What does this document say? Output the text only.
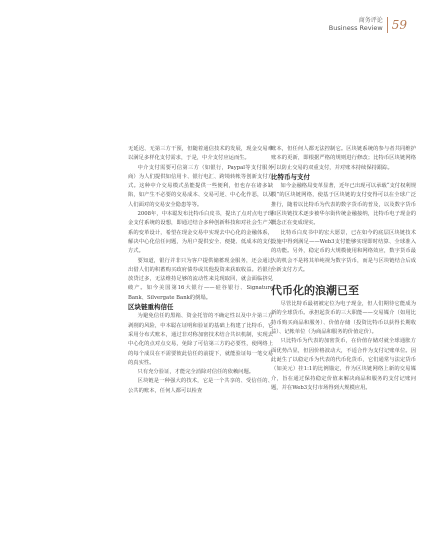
商务评论
Business Review 59

无延迟、无第三方干预，但随着通信技术的发展，现金交易难以满足多样化支付需求，于是，中介支付应运而生。

中介支付需要可信第三方（如银行，Paypal等支付服务商）为人们提供如信用卡、银行电汇、跨境转帐等创新支付方式。这种中介交易模式虽能提供一些便利，但也存在诸多缺陷，如产生不必要的交易成本、交易可逆、中心化作恶，以及人们面对的交易安全隐患等等。

2008年，中本聪发布比特币白皮书，提出了点对点电子现金支付系统的设想，即通过结合多种创新科技和对社会生产关系的变革设计，希望在现金交易中实现去中心化的金融体系，解决中心化信任问题，为用户提供安全、便捷、低成本的支付方式。

要知道，银行并非只为客户提供储蓄现金服务，还会通过出借人们的积蓄购买政府债券或其他投资来获取收益。若银行放贷过多，无法维持足够的流动性来兑现取回，就会面临挤兑破产。如今美国第16大银行——硅谷银行、Signature Bank、Silvergate Bank的倒塌。

区块链重构信任

为避免信任的黑箱、资金托管的不确定性以及中介第三方剥削的风险，中本聪在证明和验证的基础上构建了比特币，它采用分布式账本，通过非对称加密技术结合共识机制，实现去中心化的点对点交易，免除了可信第三方的必要性，使网络上的每个成员在不需要彼此信任的前提下，就能验证每一笔交易的真实性。

只有充分验证，才能完全消除对信任的依赖问题。

区块链是一种强大的技术，它是一个共享的、受信任的、公共的账本，任何人都可以检查

账本，但任何人都无法控制它。区块链系统的参与者共同维护账本的更新，即根据严格的规则进行修改；比特币区块链网络可以防止交易的双重支付，并对账本持续保持跟踪。

比特币与支付

如今金融格局变革显著，近年已出现可以承载“支付权利规模”的区块链网络，使基于区块链的支付变得可以在全球广泛推行，随着以比特币为代表的数字货币的普及，以及数字货币和区块链技术逐步被华尔街传统金融接纳，比特币电子现金的概念正在变成现实。

比特币白皮书中的宏大愿景，已在如今的底层区块链技术设施中得到满足——Web3支付能够实现即时结算、全球准入的功能。另外，稳定币的大规模使用和网络效应，数字货币最大的机会不是将其单纯视为数字货币，而是与区块链结合后成全新支付方式。

代币化的浪潮已至

尽管比特币最初被定位为电子现金，但人们期待它能成为新的全球货币。承担起货币的三大职能——交易媒介（如用比特币购买商品和服务）、价值存储（投资比特币以获得长期收益）、记帐单位（为商品和服务的价值定价）。

只比特币为代表的加密货币，在价值存储对就全球通胀方面优势凸显，但因价格波动大，不适合作为支付记账单位。因此诞生了以稳定币为代表的代币化货币，它们通常与法定货币（如美元）挂1:1的比例锚定，作为区块链网络上新的交易媒介，旨在通过保持稳定价值来解决商品和服务的支付记账问题，并在Web3支付市场得到大规模应用。
